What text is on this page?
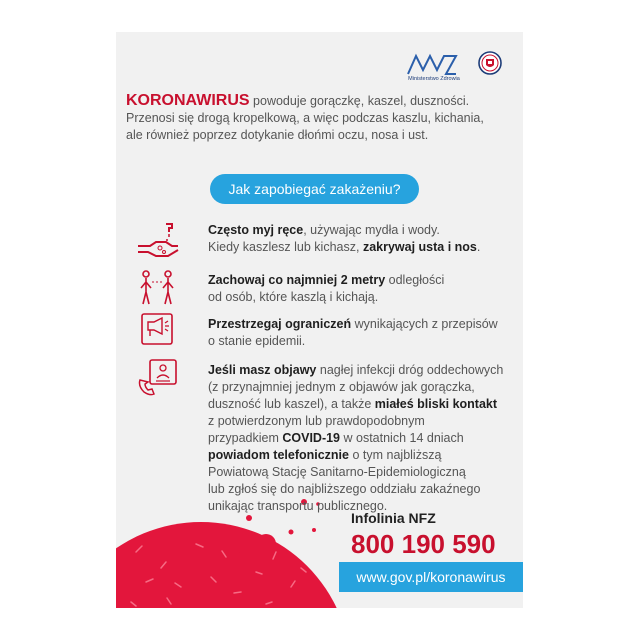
Ministerstwo Zdrowia
KORONAWIRUS powoduje gorączkę, kaszel, duszności.
Przenosi się drogą kropelkową, a więc podczas kaszlu, kichania,
ale również poprzez dotykanie dłońmi oczu, nosa i ust.
Jak zapobiegać zakażeniu?
Często myj ręce, używając mydła i wody.
Kiedy kaszlesz lub kichasz, zakrywaj usta i nos.
Zachowaj co najmniej 2 metry odległości
od osób, które kaszlą i kichają.
Przestrzegaj ograniczeń wynikających z przepisów
o stanie epidemii.
Jeśli masz objawy nagłej infekcji dróg oddechowych
(z przynajmniej jednym z objawów jak gorączka,
duszność lub kaszel), a także miałeś bliski kontakt
z potwierdzonym lub prawdopodobnym
przypadkiem COVID-19 w ostatnich 14 dniach
powiadom telefonicznie o tym najbliższą
Powiatową Stację Sanitarno-Epidemiologiczną
lub zgłoś się do najbliższego oddziału zakaźnego
unikając transportu publicznego.
Infolinia NFZ
800 190 590
www.gov.pl/koronawirus
